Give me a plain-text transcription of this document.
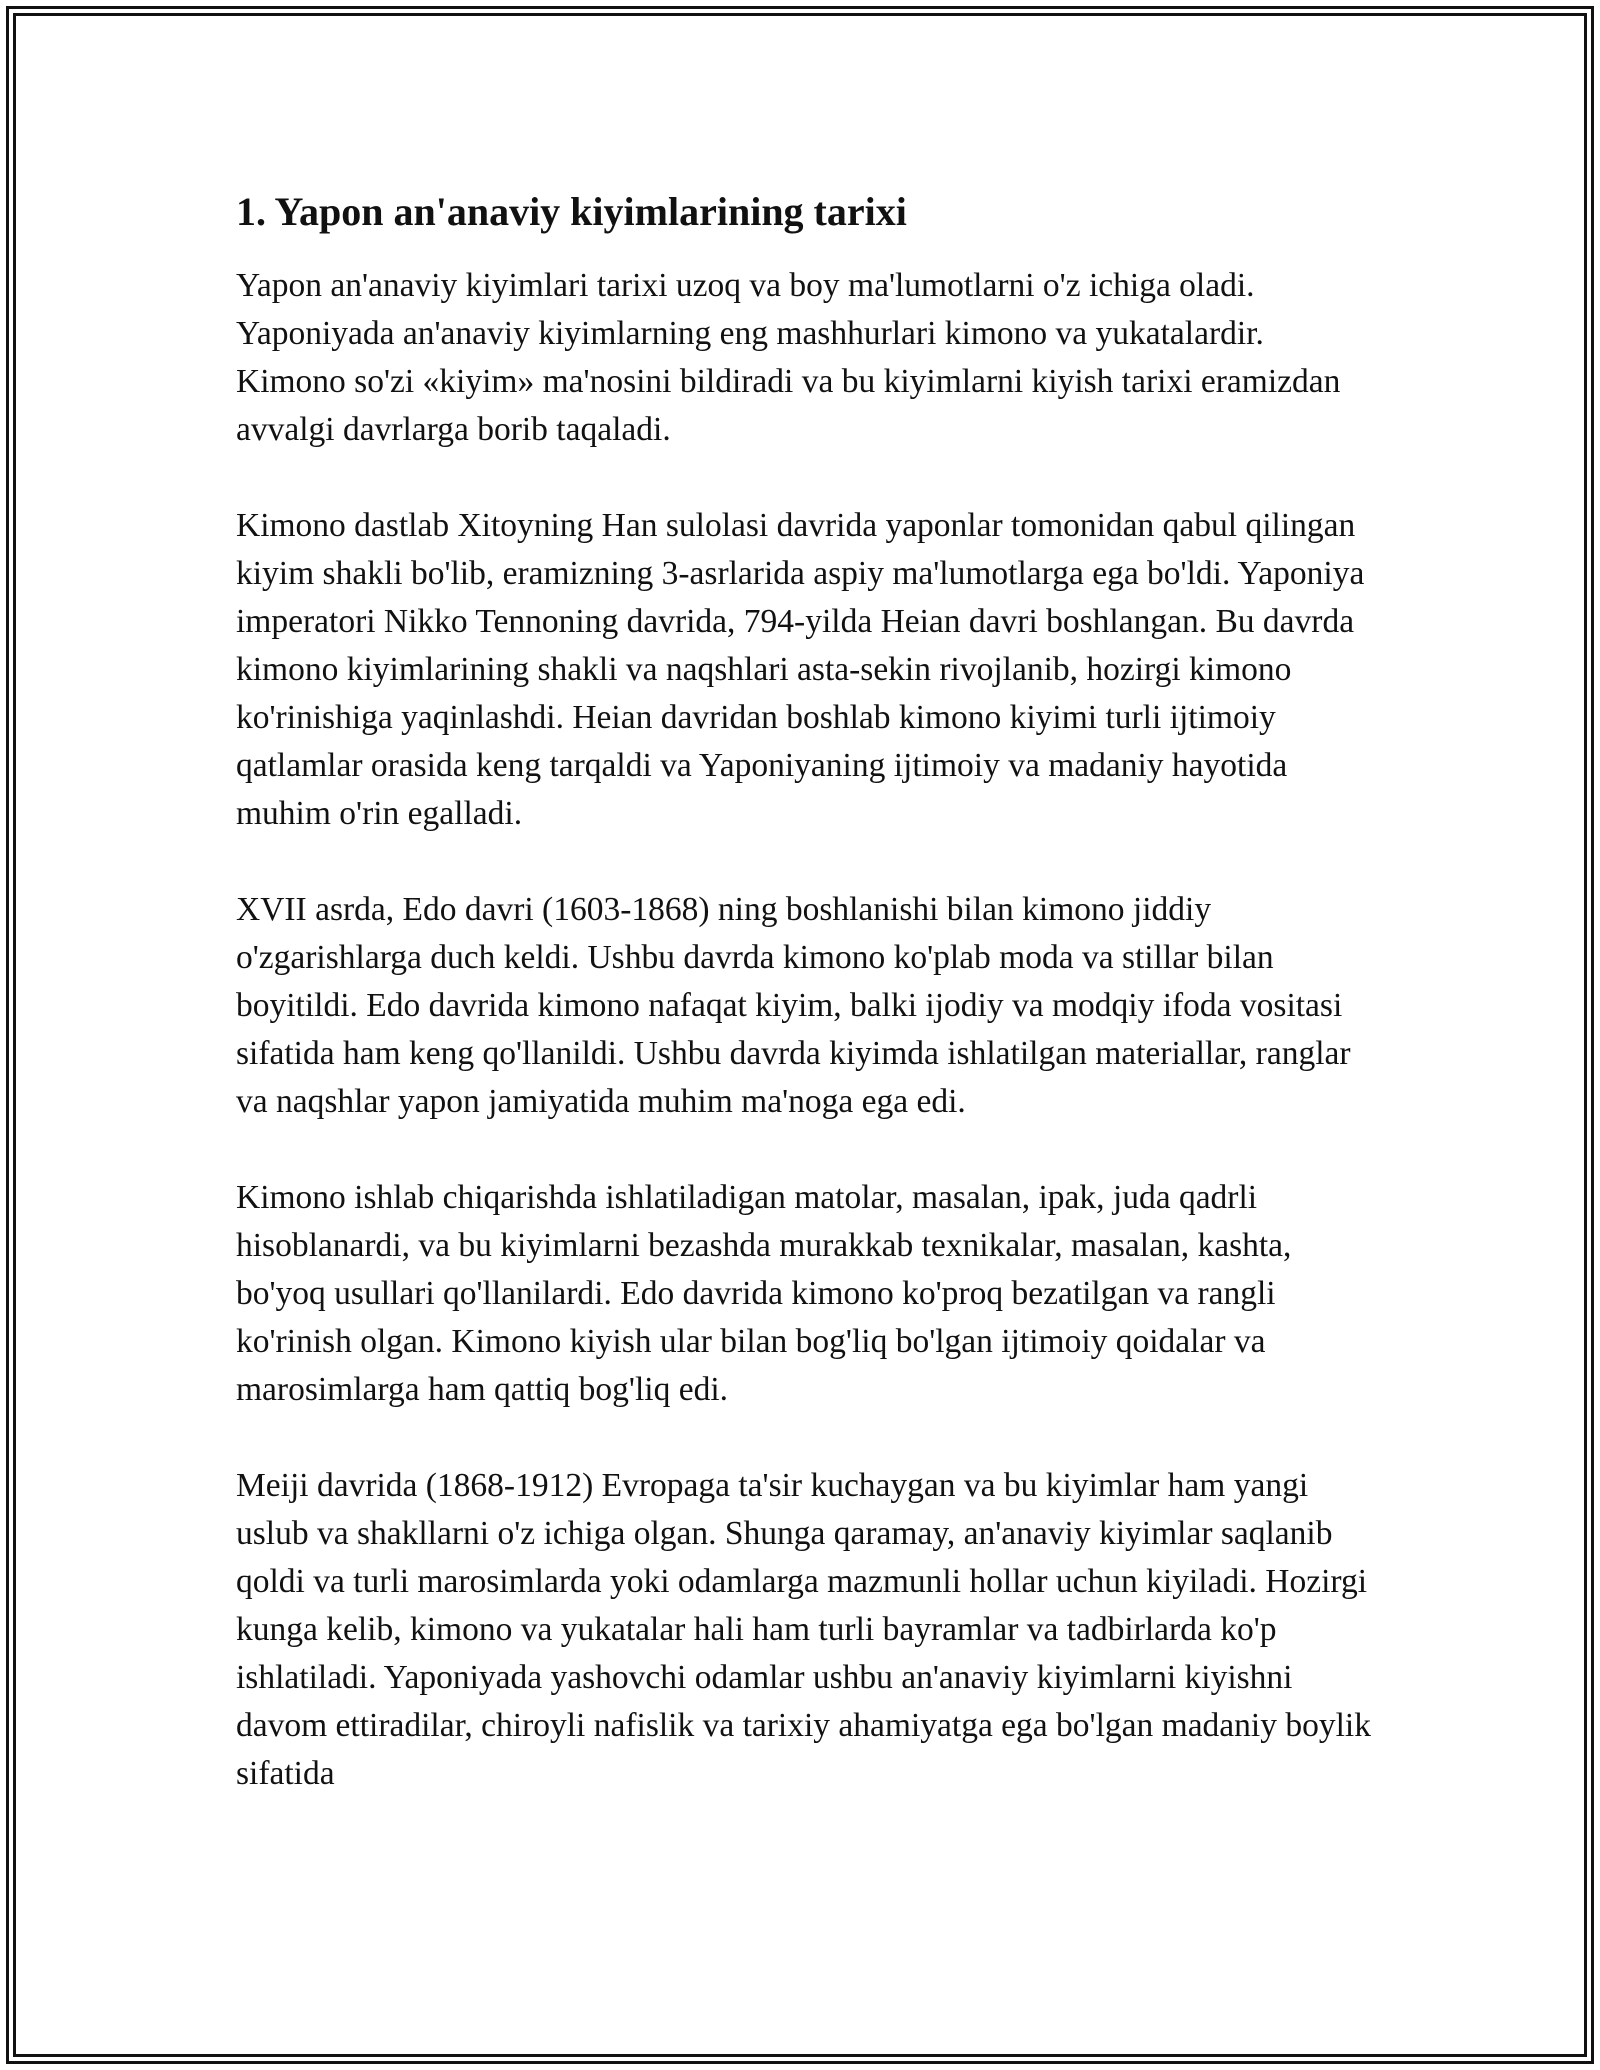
1. Yapon an'anaviy kiyimlarining tarixi

Yapon an'anaviy kiyimlari tarixi uzoq va boy ma'lumotlarni o'z ichiga oladi. Yaponiyada an'anaviy kiyimlarning eng mashhurlari kimono va yukatalardir. Kimono so'zi «kiyim» ma'nosini bildiradi va bu kiyimlarni kiyish tarixi eramizdan avvalgi davrlarga borib taqaladi.

Kimono dastlab Xitoyning Han sulolasi davrida yaponlar tomonidan qabul qilingan kiyim shakli bo'lib, eramizning 3-asrlarida aspiy ma'lumotlarga ega bo'ldi. Yaponiya imperatori Nikko Tennoning davrida, 794-yilda Heian davri boshlangan. Bu davrda kimono kiyimlarining shakli va naqshlari asta-sekin rivojlanib, hozirgi kimono ko'rinishiga yaqinlashdi. Heian davridan boshlab kimono kiyimi turli ijtimoiy qatlamlar orasida keng tarqaldi va Yaponiyaning ijtimoiy va madaniy hayotida muhim o'rin egalladi.

XVII asrda, Edo davri (1603-1868) ning boshlanishi bilan kimono jiddiy o'zgarishlarga duch keldi. Ushbu davrda kimono ko'plab moda va stillar bilan boyitildi. Edo davrida kimono nafaqat kiyim, balki ijodiy va modqiy ifoda vositasi sifatida ham keng qo'llanildi. Ushbu davrda kiyimda ishlatilgan materiallar, ranglar va naqshlar yapon jamiyatida muhim ma'noga ega edi.

Kimono ishlab chiqarishda ishlatiladigan matolar, masalan, ipak, juda qadrli hisoblanardi, va bu kiyimlarni bezashda murakkab texnikalar, masalan, kashta, bo'yoq usullari qo'llanilardi. Edo davrida kimono ko'proq bezatilgan va rangli ko'rinish olgan. Kimono kiyish ular bilan bog'liq bo'lgan ijtimoiy qoidalar va marosimlarga ham qattiq bog'liq edi.

Meiji davrida (1868-1912) Evropaga ta'sir kuchaygan va bu kiyimlar ham yangi uslub va shakllarni o'z ichiga olgan. Shunga qaramay, an'anaviy kiyimlar saqlanib qoldi va turli marosimlarda yoki odamlarga mazmunli hollar uchun kiyiladi. Hozirgi kunga kelib, kimono va yukatalar hali ham turli bayramlar va tadbirlarda ko'p ishlatiladi. Yaponiyada yashovchi odamlar ushbu an'anaviy kiyimlarni kiyishni davom ettiradilar, chiroyli nafislik va tarixiy ahamiyatga ega bo'lgan madaniy boylik sifatida
